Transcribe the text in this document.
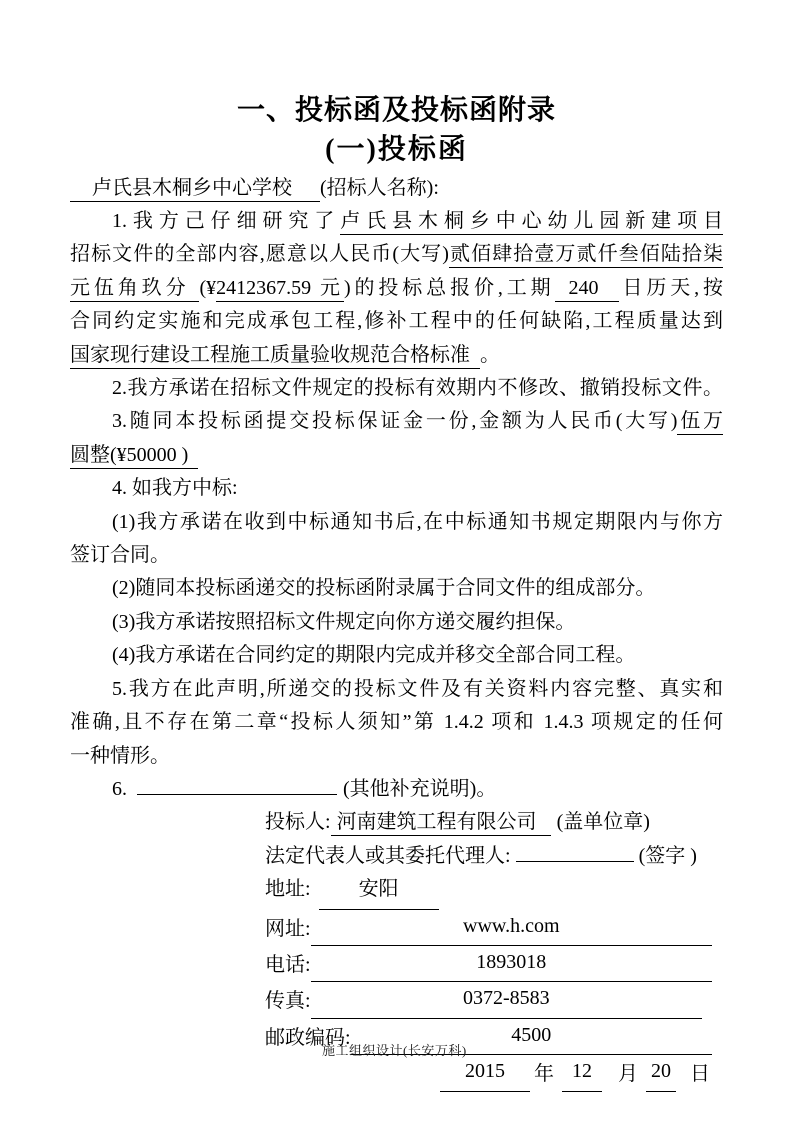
一、投标函及投标函附录
(一)投标函
卢氏县木桐乡中心学校 (招标人名称):
1.我方己仔细研究了卢氏县木桐乡中心幼儿园新建项目
招标文件的全部内容,愿意以人民币(大写)贰佰肆拾壹万贰仟叁佰陆拾柒
元伍角玖分 (¥2412367.59 元)的投标总报价,工期 240 日历天,按
合同约定实施和完成承包工程,修补工程中的任何缺陷,工程质量达到
国家现行建设工程施工质量验收规范合格标准 。
2.我方承诺在招标文件规定的投标有效期内不修改、撤销投标文件。
3.随同本投标函提交投标保证金一份,金额为人民币(大写)伍万
圆整(¥50000 )
4. 如我方中标:
(1)我方承诺在收到中标通知书后,在中标通知书规定期限内与你方
签订合同。
(2)随同本投标函递交的投标函附录属于合同文件的组成部分。
(3)我方承诺按照招标文件规定向你方递交履约担保。
(4)我方承诺在合同约定的期限内完成并移交全部合同工程。
5.我方在此声明,所递交的投标文件及有关资料内容完整、真实和
准确,且不存在第二章“投标人须知”第 1.4.2 项和 1.4.3 项规定的任何
一种情形。
6.	(其他补充说明)。
投标人: 河南建筑工程有限公司 (盖单位章)
法定代表人或其委托代理人:	(签字 )
地址: 安阳
网址:	www.h.com
电话:	1893018
传真:	0372-8583
邮政编码:	4500
2015	年 12	月 20 日
施工组织设计(长安万科)
